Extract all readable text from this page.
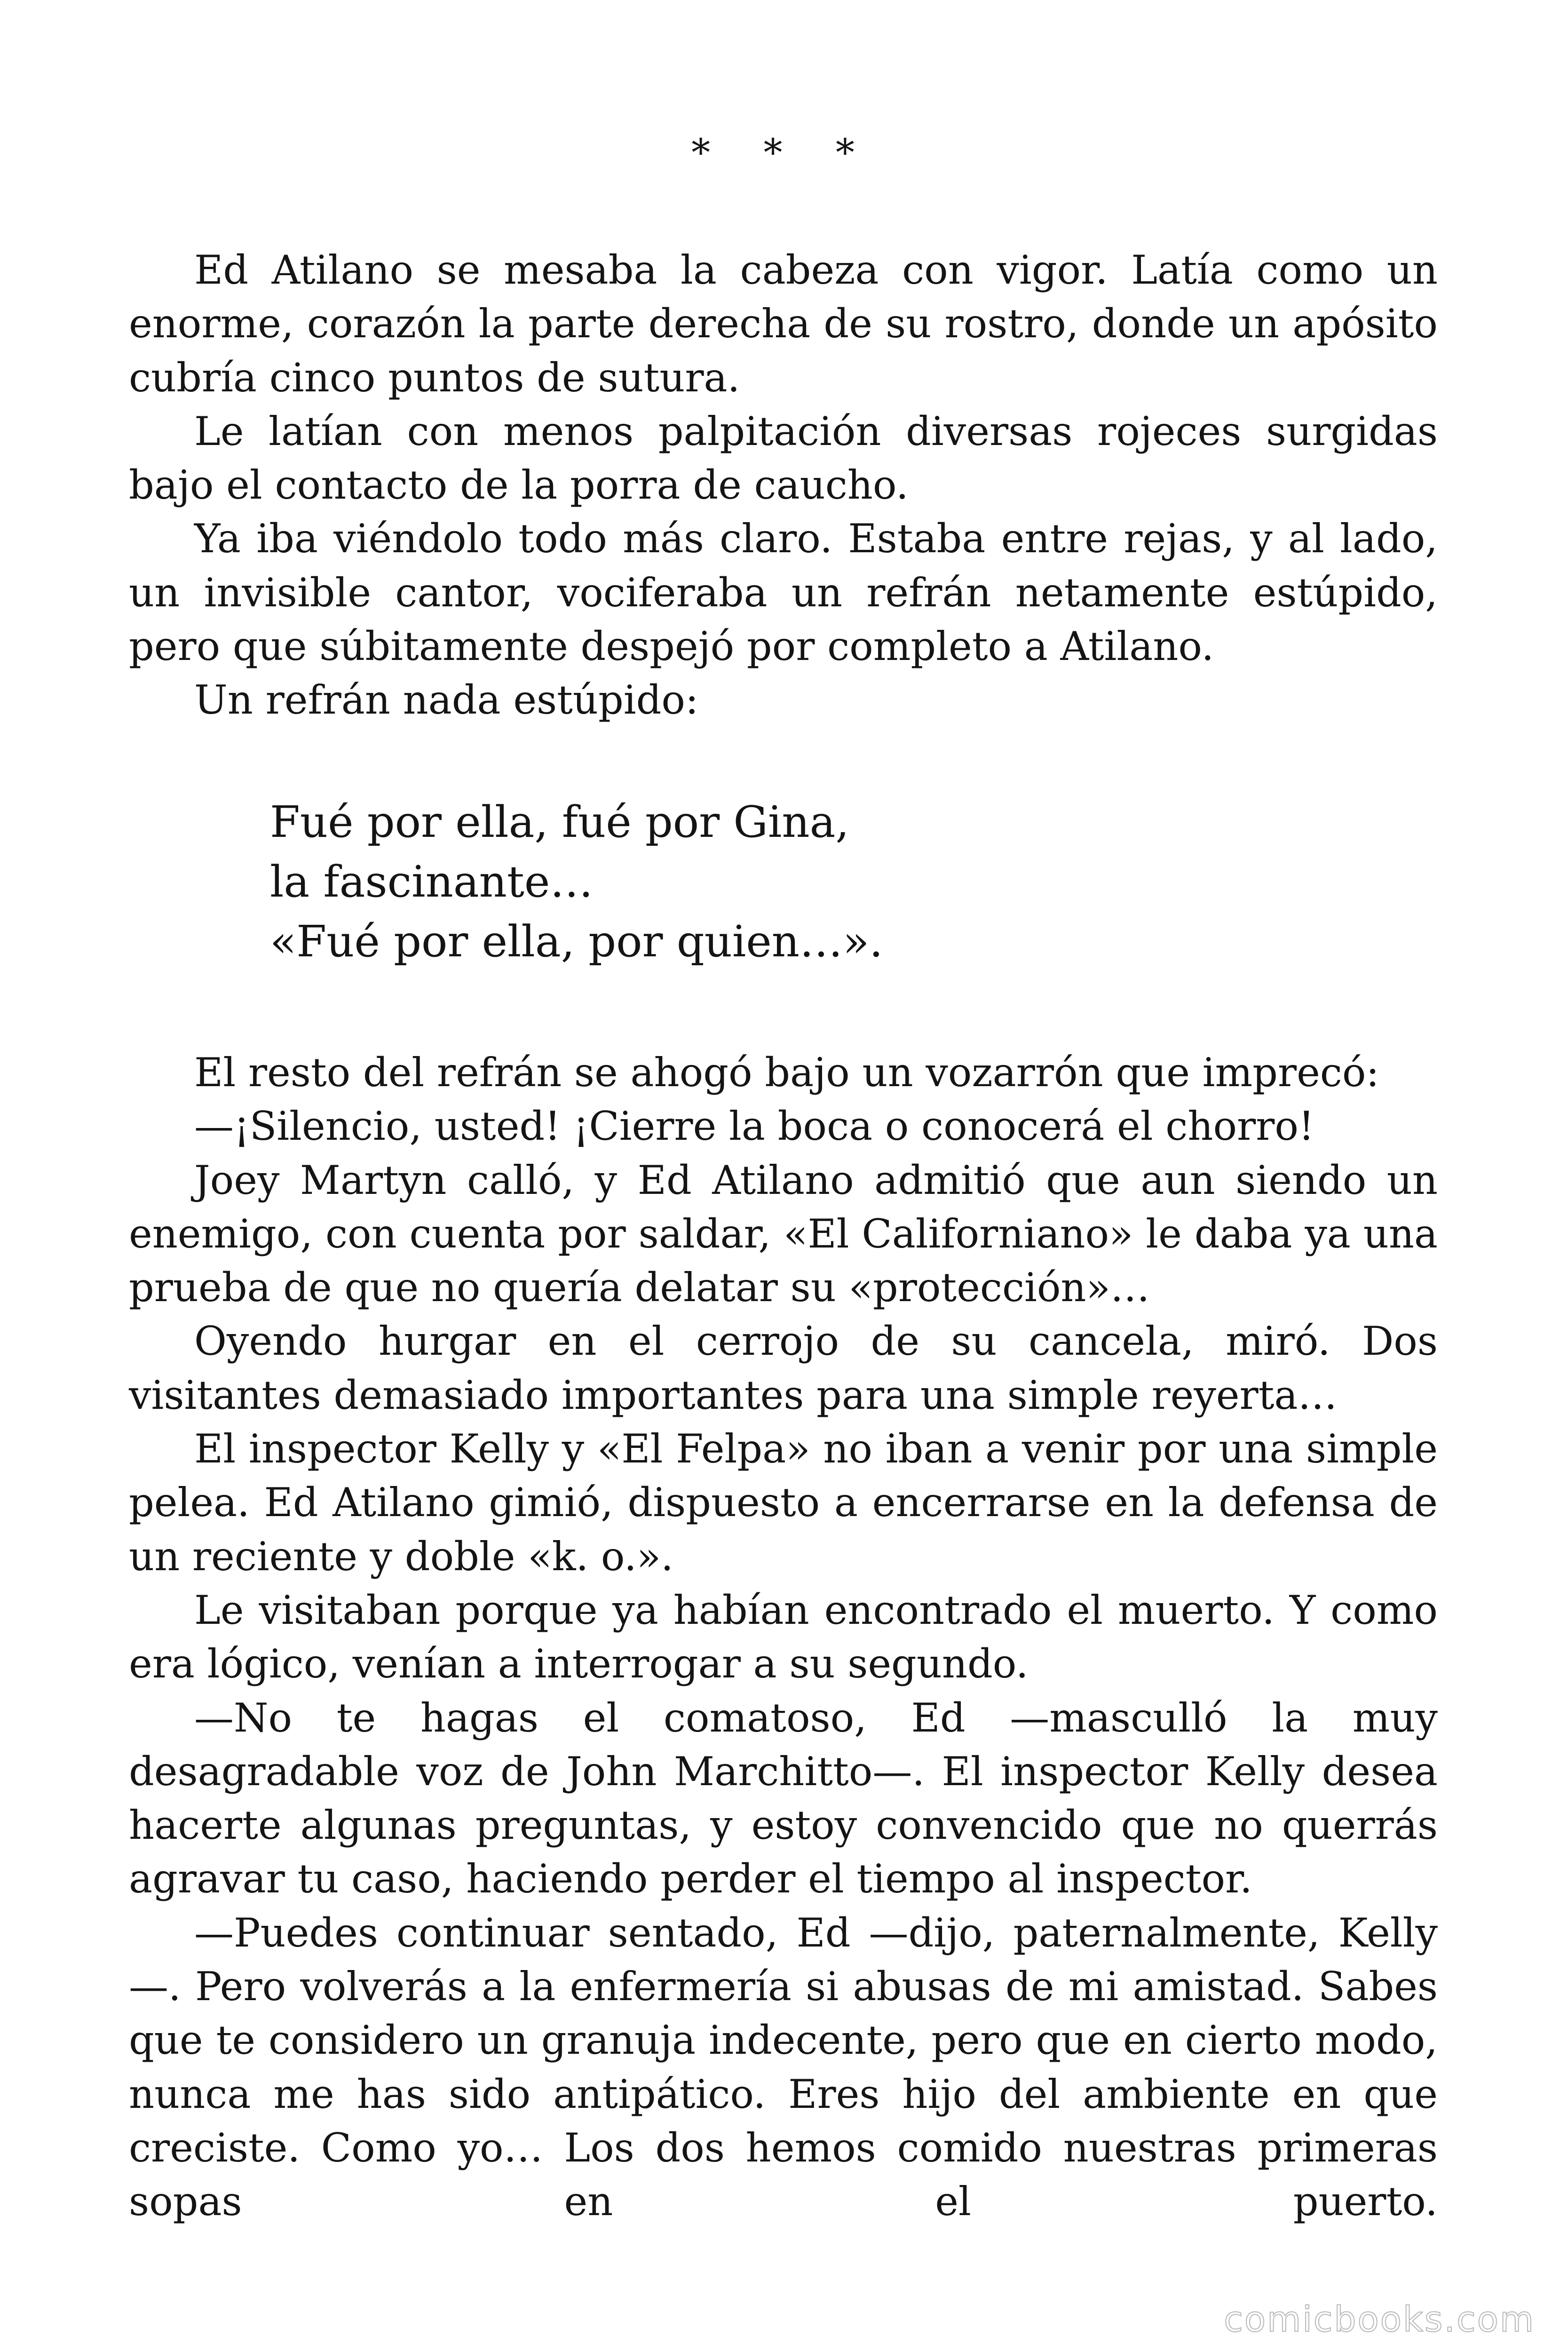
* * *

Ed Atilano se mesaba la cabeza con vigor. Latía como un enorme, corazón la parte derecha de su rostro, donde un apósito cubría cinco puntos de sutura.

Le latían con menos palpitación diversas rojeces surgidas bajo el contacto de la porra de caucho.

Ya iba viéndolo todo más claro. Estaba entre rejas, y al lado, un invisible cantor, vociferaba un refrán netamente estúpido, pero que súbitamente despejó por completo a Atilano.

Un refrán nada estúpido:

Fué por ella, fué por Gina,
la fascinante…
«Fué por ella, por quien…».

El resto del refrán se ahogó bajo un vozarrón que imprecó:

—¡Silencio, usted! ¡Cierre la boca o conocerá el chorro!

Joey Martyn calló, y Ed Atilano admitió que aun siendo un enemigo, con cuenta por saldar, «El Californiano» le daba ya una prueba de que no quería delatar su «protección»…

Oyendo hurgar en el cerrojo de su cancela, miró. Dos visitantes demasiado importantes para una simple reyerta…

El inspector Kelly y «El Felpa» no iban a venir por una simple pelea. Ed Atilano gimió, dispuesto a encerrarse en la defensa de un reciente y doble «k. o.».

Le visitaban porque ya habían encontrado el muerto. Y como era lógico, venían a interrogar a su segundo.

—No te hagas el comatoso, Ed —masculló la muy desagradable voz de John Marchitto—. El inspector Kelly desea hacerte algunas preguntas, y estoy convencido que no querrás agravar tu caso, haciendo perder el tiempo al inspector.

—Puedes continuar sentado, Ed —dijo, paternalmente, Kelly—. Pero volverás a la enfermería si abusas de mi amistad. Sabes que te considero un granuja indecente, pero que en cierto modo, nunca me has sido antipático. Eres hijo del ambiente en que creciste. Como yo… Los dos hemos comido nuestras primeras sopas en el puerto.

comicbooks.com
